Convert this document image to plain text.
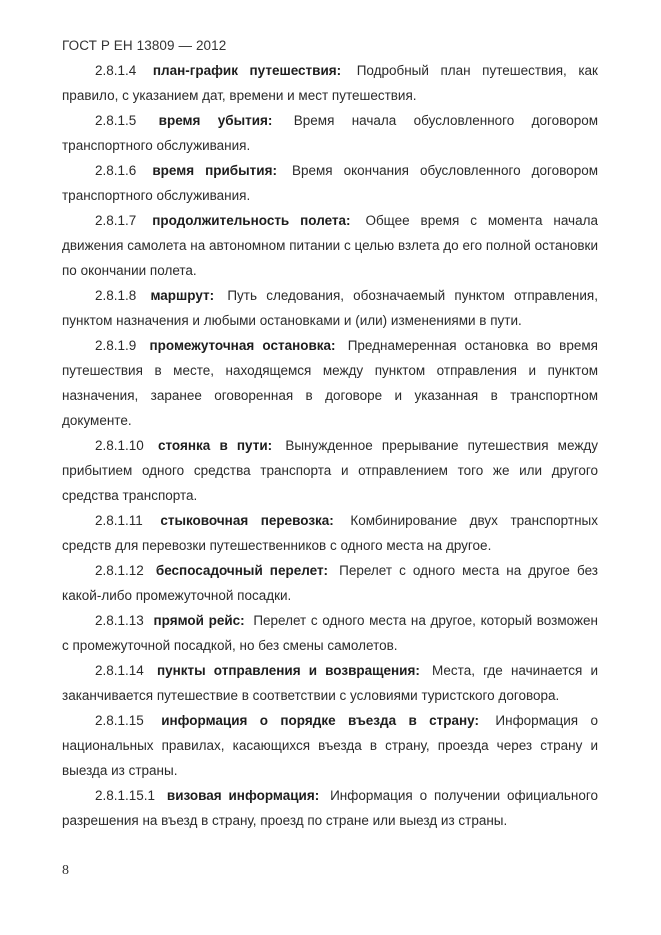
ГОСТ Р ЕН 13809 — 2012

2.8.1.4 план-график путешествия: Подробный план путешествия, как правило, с указанием дат, времени и мест путешествия.

2.8.1.5 время убытия: Время начала обусловленного договором транспортного обслуживания.

2.8.1.6 время прибытия: Время окончания обусловленного договором транспортного обслуживания.

2.8.1.7 продолжительность полета: Общее время с момента начала движения самолета на автономном питании с целью взлета до его полной остановки по окончании полета.

2.8.1.8 маршрут: Путь следования, обозначаемый пунктом отправления, пунктом назначения и любыми остановками и (или) изменениями в пути.

2.8.1.9 промежуточная остановка: Преднамеренная остановка во время путешествия в месте, находящемся между пунктом отправления и пунктом назначения, заранее оговоренная в договоре и указанная в транспортном документе.

2.8.1.10 стоянка в пути: Вынужденное прерывание путешествия между прибытием одного средства транспорта и отправлением того же или другого средства транспорта.

2.8.1.11 стыковочная перевозка: Комбинирование двух транспортных средств для перевозки путешественников с одного места на другое.

2.8.1.12 беспосадочный перелет: Перелет с одного места на другое без какой-либо промежуточной посадки.

2.8.1.13 прямой рейс: Перелет с одного места на другое, который возможен с промежуточной посадкой, но без смены самолетов.

2.8.1.14 пункты отправления и возвращения: Места, где начинается и заканчивается путешествие в соответствии с условиями туристского договора.

2.8.1.15 информация о порядке въезда в страну: Информация о национальных правилах, касающихся въезда в страну, проезда через страну и выезда из страны.

2.8.1.15.1 визовая информация: Информация о получении официального разрешения на въезд в страну, проезд по стране или выезд из страны.

8
